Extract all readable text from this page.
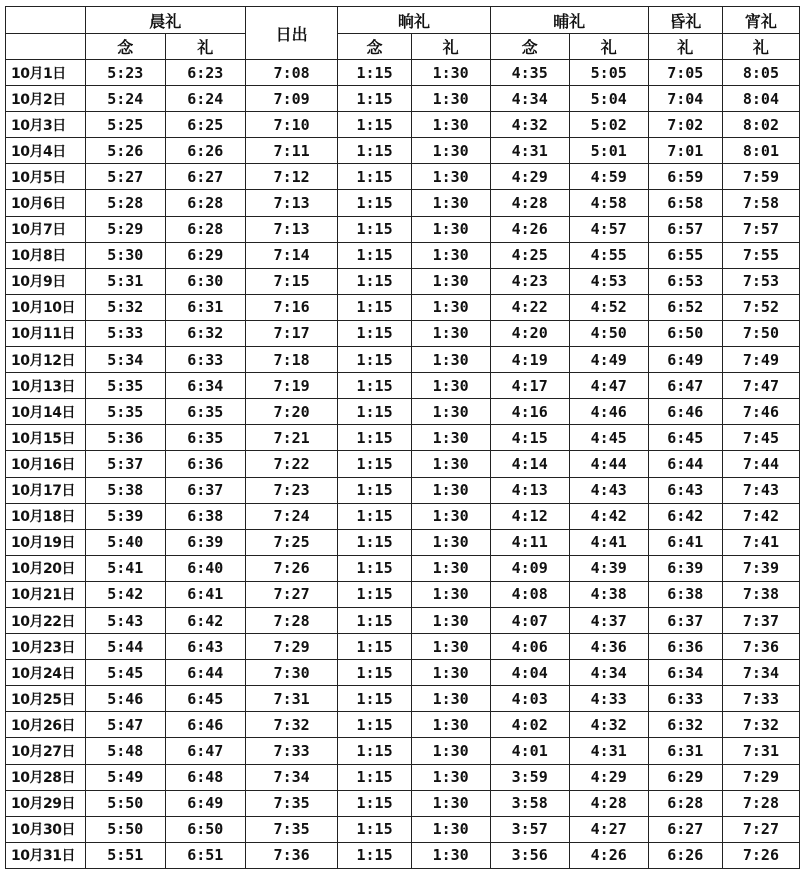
	晨礼		日出	晌礼		晡礼		昏礼	宵礼
	念	礼		念	礼	念	礼	礼	礼
10月1日	5:23	6:23	7:08	1:15	1:30	4:35	5:05	7:05	8:05
10月2日	5:24	6:24	7:09	1:15	1:30	4:34	5:04	7:04	8:04
10月3日	5:25	6:25	7:10	1:15	1:30	4:32	5:02	7:02	8:02
10月4日	5:26	6:26	7:11	1:15	1:30	4:31	5:01	7:01	8:01
10月5日	5:27	6:27	7:12	1:15	1:30	4:29	4:59	6:59	7:59
10月6日	5:28	6:28	7:13	1:15	1:30	4:28	4:58	6:58	7:58
10月7日	5:29	6:28	7:13	1:15	1:30	4:26	4:57	6:57	7:57
10月8日	5:30	6:29	7:14	1:15	1:30	4:25	4:55	6:55	7:55
10月9日	5:31	6:30	7:15	1:15	1:30	4:23	4:53	6:53	7:53
10月10日	5:32	6:31	7:16	1:15	1:30	4:22	4:52	6:52	7:52
10月11日	5:33	6:32	7:17	1:15	1:30	4:20	4:50	6:50	7:50
10月12日	5:34	6:33	7:18	1:15	1:30	4:19	4:49	6:49	7:49
10月13日	5:35	6:34	7:19	1:15	1:30	4:17	4:47	6:47	7:47
10月14日	5:35	6:35	7:20	1:15	1:30	4:16	4:46	6:46	7:46
10月15日	5:36	6:35	7:21	1:15	1:30	4:15	4:45	6:45	7:45
10月16日	5:37	6:36	7:22	1:15	1:30	4:14	4:44	6:44	7:44
10月17日	5:38	6:37	7:23	1:15	1:30	4:13	4:43	6:43	7:43
10月18日	5:39	6:38	7:24	1:15	1:30	4:12	4:42	6:42	7:42
10月19日	5:40	6:39	7:25	1:15	1:30	4:11	4:41	6:41	7:41
10月20日	5:41	6:40	7:26	1:15	1:30	4:09	4:39	6:39	7:39
10月21日	5:42	6:41	7:27	1:15	1:30	4:08	4:38	6:38	7:38
10月22日	5:43	6:42	7:28	1:15	1:30	4:07	4:37	6:37	7:37
10月23日	5:44	6:43	7:29	1:15	1:30	4:06	4:36	6:36	7:36
10月24日	5:45	6:44	7:30	1:15	1:30	4:04	4:34	6:34	7:34
10月25日	5:46	6:45	7:31	1:15	1:30	4:03	4:33	6:33	7:33
10月26日	5:47	6:46	7:32	1:15	1:30	4:02	4:32	6:32	7:32
10月27日	5:48	6:47	7:33	1:15	1:30	4:01	4:31	6:31	7:31
10月28日	5:49	6:48	7:34	1:15	1:30	3:59	4:29	6:29	7:29
10月29日	5:50	6:49	7:35	1:15	1:30	3:58	4:28	6:28	7:28
10月30日	5:50	6:50	7:35	1:15	1:30	3:57	4:27	6:27	7:27
10月31日	5:51	6:51	7:36	1:15	1:30	3:56	4:26	6:26	7:26
